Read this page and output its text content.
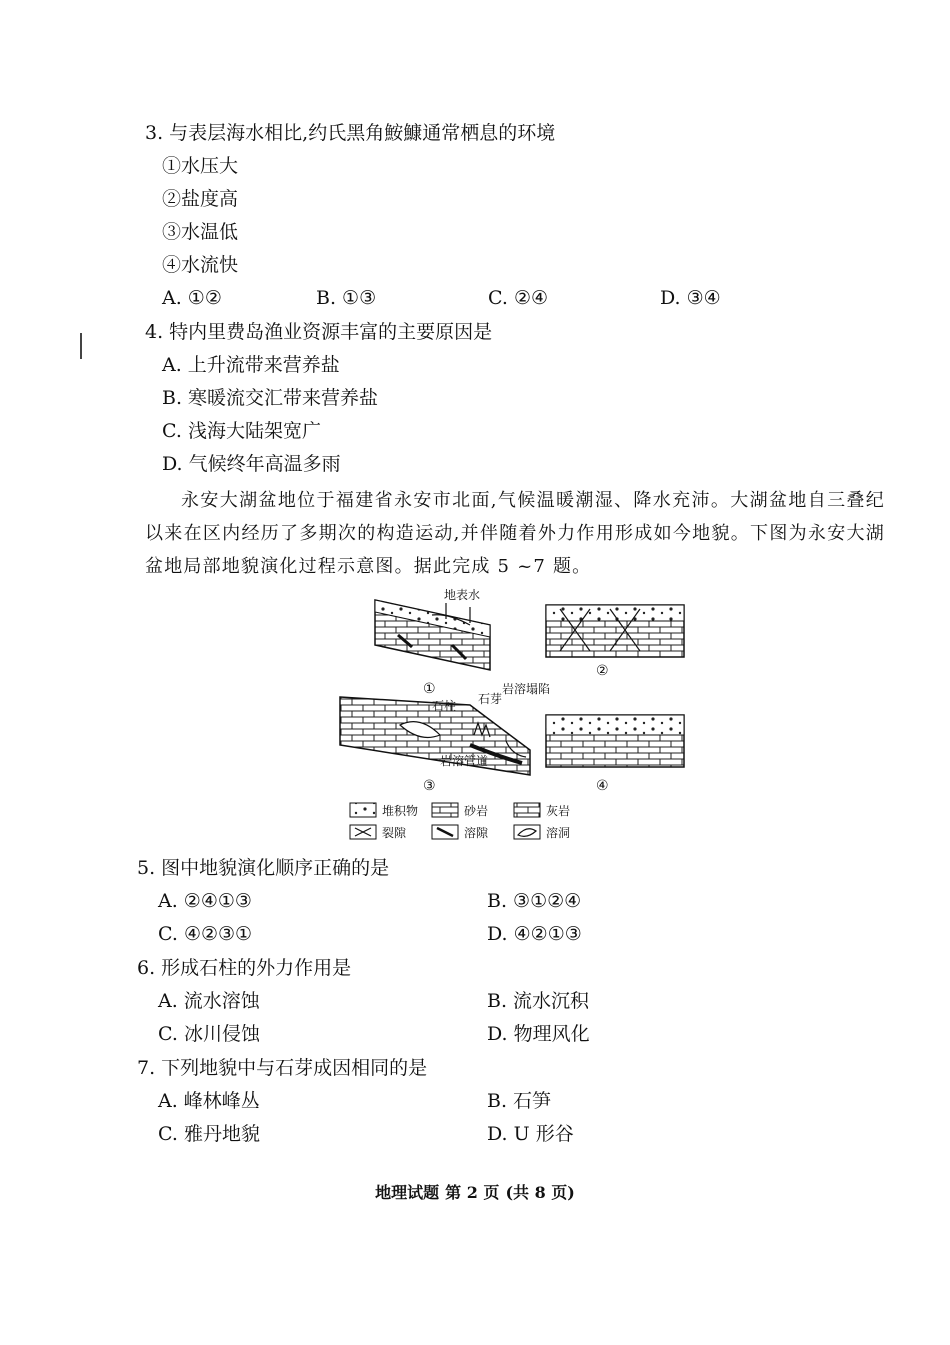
3. 与表层海水相比,约氏黑角鮟鱇通常栖息的环境
①水压大
②盐度高
③水温低
④水流快
A. ①②	B. ①③	C. ②④	D. ③④
4. 特内里费岛渔业资源丰富的主要原因是
A. 上升流带来营养盐
B. 寒暖流交汇带来营养盐
C. 浅海大陆架宽广
D. 气候终年高温多雨

永安大湖盆地位于福建省永安市北面,气候温暖潮湿、降水充沛。大湖盆地自三叠纪以来在区内经历了多期次的构造运动,并伴随着外力作用形成如今地貌。下图为永安大湖盆地局部地貌演化过程示意图。据此完成 5 ~7 题。

地表水
①
②
石柱 石芽
岩溶塌陷
岩溶管道
③	④
堆积物	砂岩	灰岩
裂隙	溶隙	溶洞
5. 图中地貌演化顺序正确的是
A. ②④①③	B. ③①②④
C. ④②③①	D. ④②①③
6. 形成石柱的外力作用是
A. 流水溶蚀	B. 流水沉积
C. 冰川侵蚀	D. 物理风化
7. 下列地貌中与石芽成因相同的是
A. 峰林峰丛	B. 石笋
C. 雅丹地貌	D. U 形谷
地理试题 第 2 页 (共 8 页)
